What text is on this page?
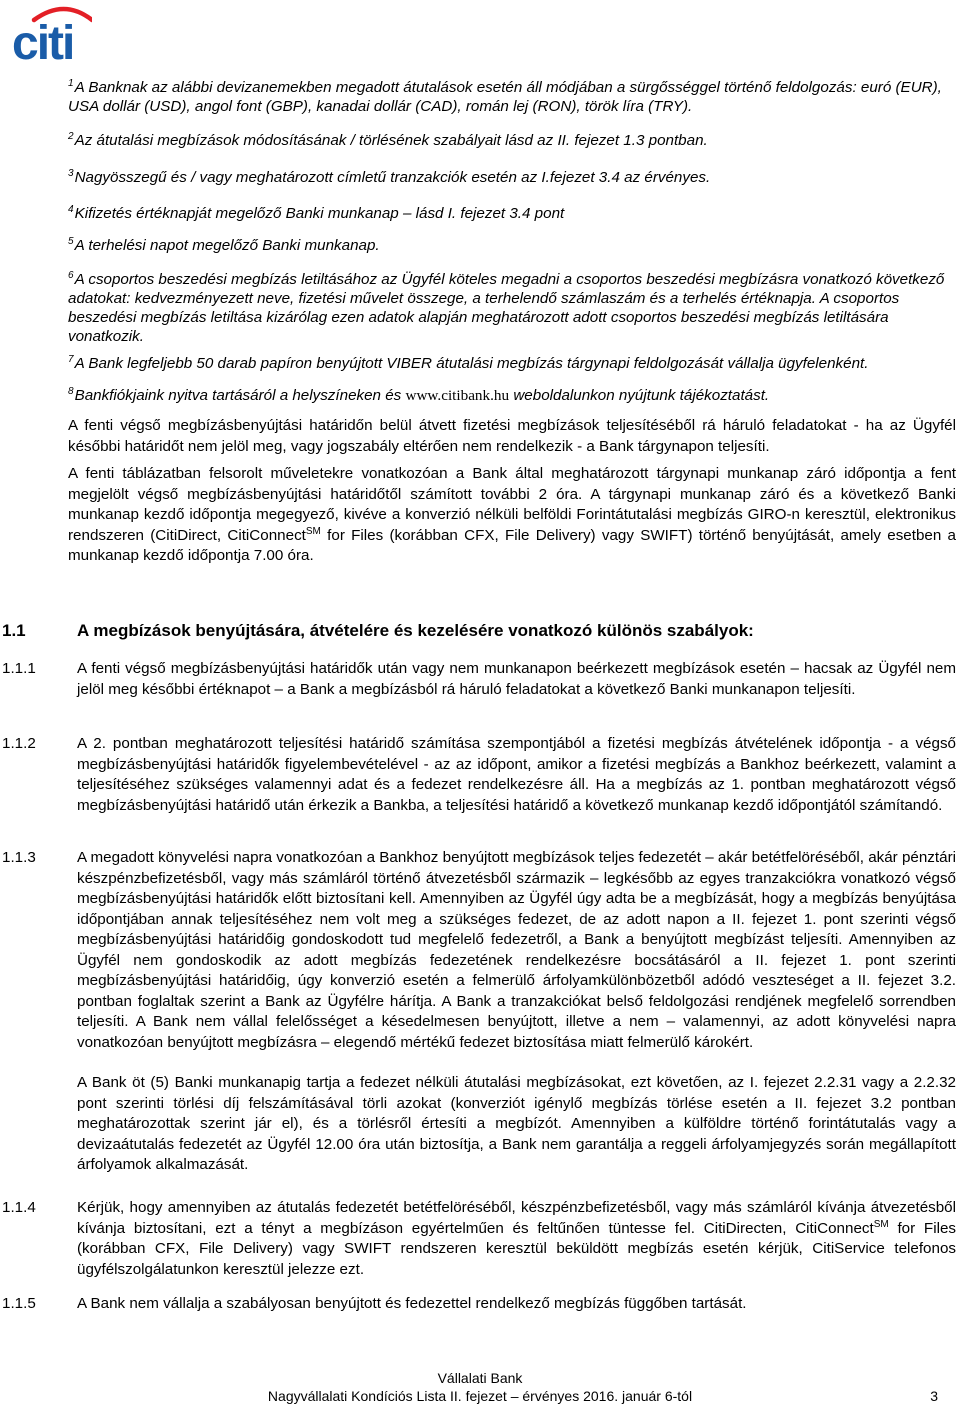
citi
$^1$A Banknak az alábbi devizanemekben megadott átutalások esetén áll módjában a sürgősséggel történő feldolgozás: euró (EUR), USA dollár (USD), angol font (GBP), kanadai dollár (CAD), román lej (RON), török líra (TRY).
$^2$Az átutalási megbízások módosításának / törlésének szabályait lásd az II. fejezet 1.3 pontban.
$^3$Nagyösszegű és / vagy meghatározott címletű tranzakciók esetén az I.fejezet 3.4 az érvényes.
$^4$Kifizetés értéknapját megelőző Banki munkanap – lásd I. fejezet 3.4 pont
$^5$A terhelési napot megelőző Banki munkanap.
$^6$A csoportos beszedési megbízás letiltásához az Ügyfél köteles megadni a csoportos beszedési megbízásra vonatkozó következő adatokat: kedvezményezett neve, fizetési művelet összege, a terhelendő számlaszám és a terhelés értéknapja. A csoportos beszedési megbízás letiltása kizárólag ezen adatok alapján meghatározott adott csoportos beszedési megbízás letiltására vonatkozik.
$^7$A Bank legfeljebb 50 darab papíron benyújtott VIBER átutalási megbízás tárgynapi feldolgozását vállalja ügyfelenként.
$^8$Bankfiókjaink nyitva tartásáról a helyszíneken és www.citibank.hu weboldalunkon nyújtunk tájékoztatást.
A fenti végső megbízásbenyújtási határidőn belül átvett fizetési megbízások teljesítéséből rá háruló feladatokat - ha az Ügyfél későbbi határidőt nem jelöl meg, vagy jogszabály eltérően nem rendelkezik - a Bank tárgynapon teljesíti.
A fenti táblázatban felsorolt műveletekre vonatkozóan a Bank által meghatározott tárgynapi munkanap záró időpontja a fent megjelölt végső megbízásbenyújtási határidőtől számított további 2 óra. A tárgynapi munkanap záró és a következő Banki munkanap kezdő időpontja megegyező, kivéve a konverzió nélküli belföldi Forintátutalási megbízás GIRO-n keresztül, elektronikus rendszeren (CitiDirect, CitiConnect℠ for Files (korábban CFX, File Delivery) vagy SWIFT) történő benyújtását, amely esetben a munkanap kezdő időpontja 7.00 óra.
1.1	A megbízások benyújtására, átvételére és kezelésére vonatkozó különös szabályok:
1.1.1	A fenti végső megbízásbenyújtási határidők után vagy nem munkanapon beérkezett megbízások esetén – hacsak az Ügyfél nem jelöl meg későbbi értéknapot – a Bank a megbízásból rá háruló feladatokat a következő Banki munkanapon teljesíti.
1.1.2	A 2. pontban meghatározott teljesítési határidő számítása szempontjából a fizetési megbízás átvételének időpontja - a végső megbízásbenyújtási határidők figyelembevételével - az az időpont, amikor a fizetési megbízás a Bankhoz beérkezett, valamint a teljesítéséhez szükséges valamennyi adat és a fedezet rendelkezésre áll. Ha a megbízás az 1. pontban meghatározott végső megbízásbenyújtási határidő után érkezik a Bankba, a teljesítési határidő a következő munkanap kezdő időpontjától számítandó.
1.1.3	A megadott könyvelési napra vonatkozóan a Bankhoz benyújtott megbízások teljes fedezetét – akár betétfelöréséből, akár pénztári készpénzbefizetésből, vagy más számláról történő átvezetésből származik – legkésőbb az egyes tranzakciókra vonatkozó végső megbízásbenyújtási határidők előtt biztosítani kell. Amennyiben az Ügyfél úgy adta be a megbízását, hogy a megbízás benyújtása időpontjában annak teljesítéséhez nem volt meg a szükséges fedezet, de az adott napon a II. fejezet 1. pont szerinti végső megbízásbenyújtási határidőig gondoskodott tud megfelelő fedezetről, a Bank a benyújtott megbízást teljesíti. Amennyiben az Ügyfél nem gondoskodik az adott megbízás fedezetének rendelkezésre bocsátásáról a II. fejezet 1. pont szerinti megbízásbenyújtási határidőig, úgy konverzió esetén a felmerülő árfolyamkülönbözetből adódó veszteséget a II. fejezet 3.2. pontban foglaltak szerint a Bank az Ügyfélre hárítja. A Bank a tranzakciókat belső feldolgozási rendjének megfelelő sorrendben teljesíti. A Bank nem vállal felelősséget a késedelmesen benyújtott, illetve a nem – valamennyi, az adott könyvelési napra vonatkozóan benyújtott megbízásra – elegendő mértékű fedezet biztosítása miatt felmerülő károkért.
A Bank öt (5) Banki munkanapig tartja a fedezet nélküli átutalási megbízásokat, ezt követően, az I. fejezet 2.2.31 vagy a 2.2.32 pont szerinti törlési díj felszámításával törli azokat (konverziót igénylő megbízás törlése esetén a II. fejezet 3.2 pontban meghatározottak szerint jár el), és a törlésről értesíti a megbízót. Amennyiben a külföldre történő forintátutalás vagy a devizaátutalás fedezetét az Ügyfél 12.00 óra után biztosítja, a Bank nem garantálja a reggeli árfolyamjegyzés során megállapított árfolyamok alkalmazását.
1.1.4	Kérjük, hogy amennyiben az átutalás fedezetét betétfelöréséből, készpénzbefizetésből, vagy más számláról kívánja átvezetésből kívánja biztosítani, ezt a tényt a megbízáson egyértelműen és feltűnően tüntesse fel. CitiDirecten, CitiConnect℠ for Files (korábban CFX, File Delivery) vagy SWIFT rendszeren keresztül beküldött megbízás esetén kérjük, CitiService telefonos ügyfélszolgálatunkon keresztül jelezze ezt.
1.1.5	A Bank nem vállalja a szabályosan benyújtott és fedezettel rendelkező megbízás függőben tartását.
Vállalati Bank
Nagyvállalati Kondíciós Lista II. fejezet – érvényes 2016. január 6-tól	3
